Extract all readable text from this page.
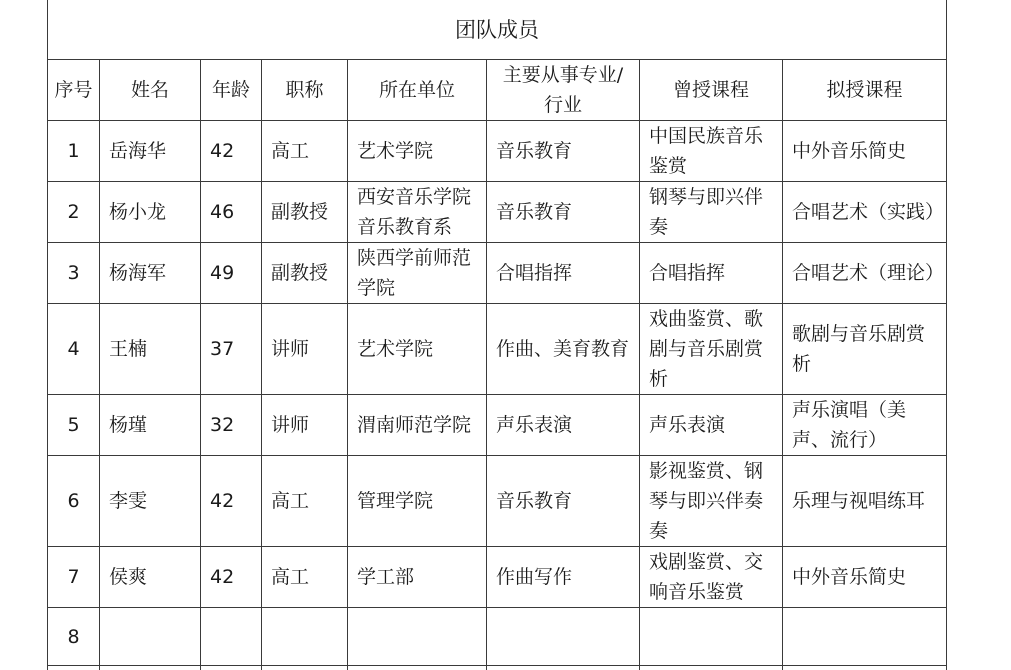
团队成员							
序号	姓名	年龄	职称	所在单位	主要从事专业/行业	曾授课程	拟授课程
1	岳海华	42	高工	艺术学院	音乐教育	中国民族音乐鉴赏	中外音乐简史
2	杨小龙	46	副教授	西安音乐学院音乐教育系	音乐教育	钢琴与即兴伴奏	合唱艺术（实践）
3	杨海军	49	副教授	陕西学前师范学院	合唱指挥	合唱指挥	合唱艺术（理论）
4	王楠	37	讲师	艺术学院	作曲、美育教育	戏曲鉴赏、歌剧与音乐剧赏析	歌剧与音乐剧赏析
5	杨瑾	32	讲师	渭南师范学院	声乐表演	声乐表演	声乐演唱（美声、流行）
6	李雯	42	高工	管理学院	音乐教育	影视鉴赏、钢琴与即兴伴奏奏	乐理与视唱练耳
7	侯爽	42	高工	学工部	作曲写作	戏剧鉴赏、交响音乐鉴赏	中外音乐简史
8							
